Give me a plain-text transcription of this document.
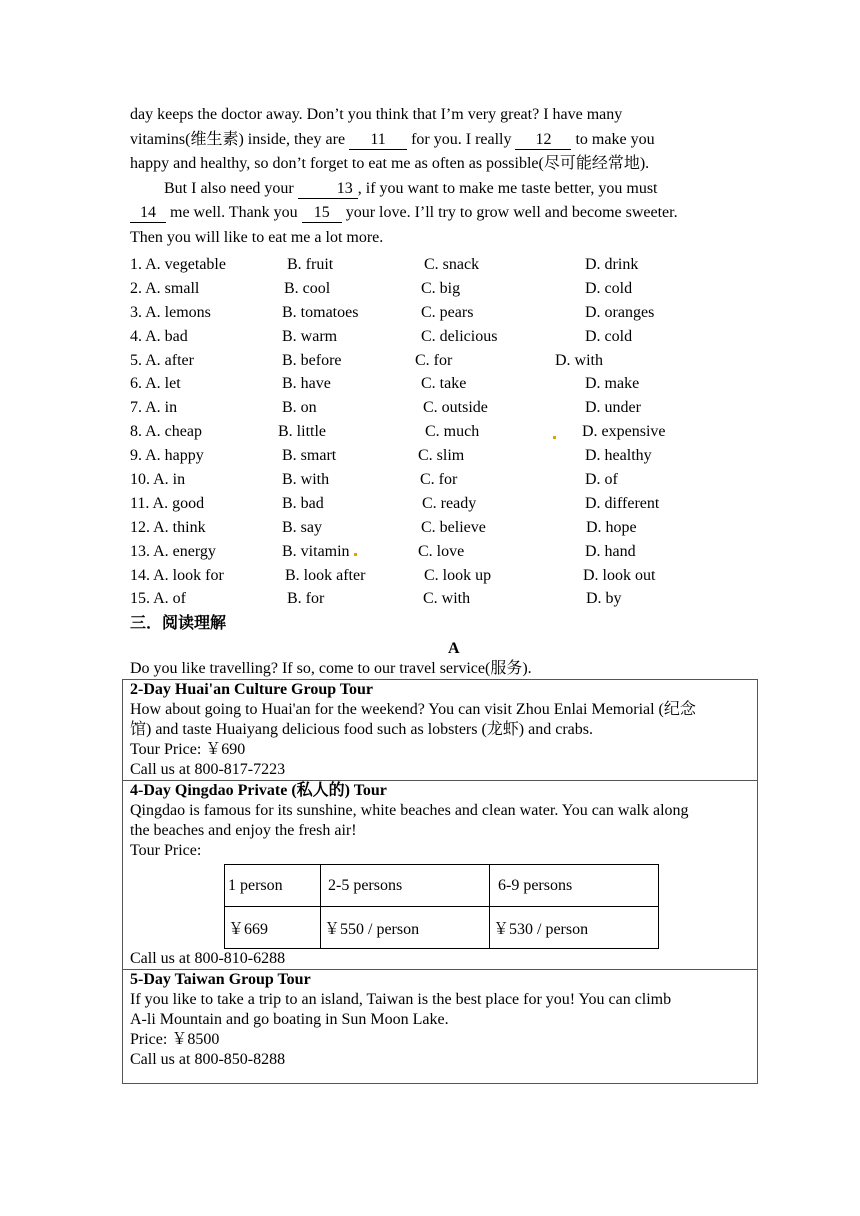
day keeps the doctor away. Don’t you think that I’m very great? I have many

vitamins(维生素) inside, they are 11 for you. I really 12 to make you

happy and healthy, so don’t forget to eat me as often as possible(尽可能经常地).

But I also need your	13 , if you want to make me taste better, you must

14 me well. Thank you 15 your love. I’ll try to grow well and become sweeter.

Then you will like to eat me a lot more.

1. A. vegetable	B. fruit	C. snack	D. drink
2. A. small	B. cool	C. big	D. cold
3. A. lemons	B. tomatoes	C. pears	D. oranges
4. A. bad	B. warm	C. delicious	D. cold
5. A. after	B. before	C. for	D. with
6. A. let	B. have	C. take	D. make
7. A. in	B. on	C. outside	D. under
8. A. cheap	B. little	C. much	D. expensive
9. A. happy	B. smart	C. slim	D. healthy
10. A. in	B. with	C. for	D. of
11. A. good	B. bad	C. ready	D. different
12. A. think	B. say	C. believe	D. hope
13. A. energy	B. vitamin	C. love	D. hand
14. A. look for	B. look after	C. look up	D. look out
15. A. of	B. for	C. with	D. by
三．阅读理解
A
Do you like travelling? If so, come to our travel service(服务).
2-Day Huai'an Culture Group Tour
How about going to Huai'an for the weekend? You can visit Zhou Enlai Memorial (纪念
馆) and taste Huaiyang delicious food such as lobsters (龙虾) and crabs.
Tour Price: ￥690
Call us at 800-817-7223
4-Day Qingdao Private (私人的) Tour
Qingdao is famous for its sunshine, white beaches and clean water. You can walk along
the beaches and enjoy the fresh air!
Tour Price:
1 person	2-5 persons	6-9 persons
￥669	￥550 / person	￥530 / person
Call us at 800-810-6288
5-Day Taiwan Group Tour
If you like to take a trip to an island, Taiwan is the best place for you! You can climb
A-li Mountain and go boating in Sun Moon Lake.
Price: ￥8500
Call us at 800-850-8288
